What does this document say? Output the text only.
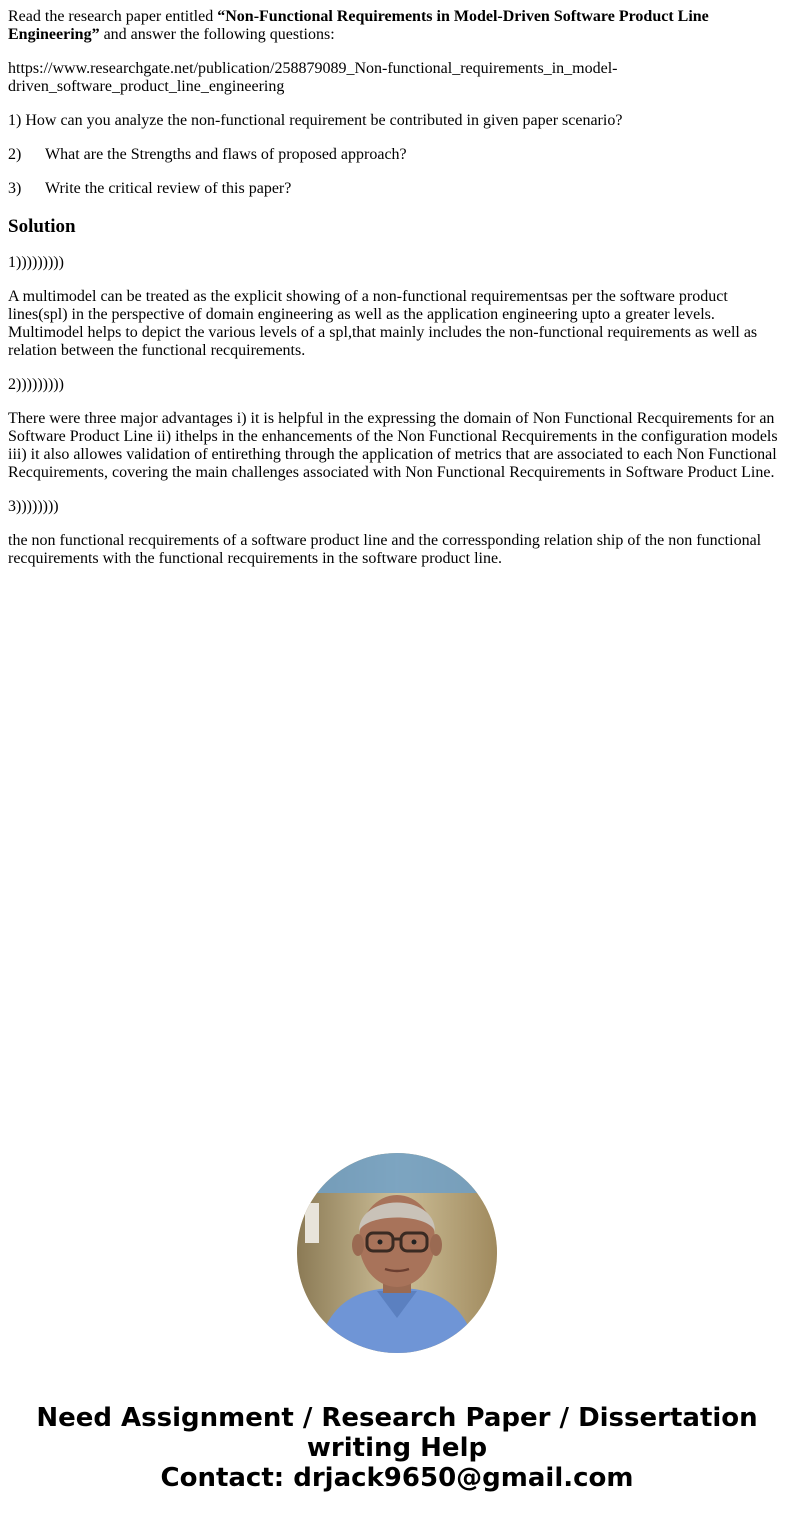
Read the research paper entitled “Non-Functional Requirements in Model-Driven Software Product Line Engineering” and answer the following questions:

https://www.researchgate.net/publication/258879089_Non-functional_requirements_in_model-driven_software_product_line_engineering

1) How can you analyze the non-functional requirement be contributed in given paper scenario?

2) What are the Strengths and flaws of proposed approach?

3) Write the critical review of this paper?

Solution

1)))))))))

A multimodel can be treated as the explicit showing of a non-functional requirementsas per the software product lines(spl) in the perspective of domain engineering as well as the application engineering upto a greater levels. Multimodel helps to depict the various levels of a spl,that mainly includes the non-functional requirements as well as relation between the functional recquirements.

2)))))))))

There were three major advantages i) it is helpful in the expressing the domain of Non Functional Recquirements for an Software Product Line ii) ithelps in the enhancements of the Non Functional Recquirements in the configuration models iii) it also allowes validation of entirething through the application of metrics that are associated to each Non Functional Recquirements, covering the main challenges associated with Non Functional Recquirements in Software Product Line.

3))))))))

the non functional recquirements of a software product line and the corressponding relation ship of the non functional recquirements with the functional recquirements in the software product line.

Need Assignment / Research Paper / Dissertation writing Help
Contact: drjack9650@gmail.com
